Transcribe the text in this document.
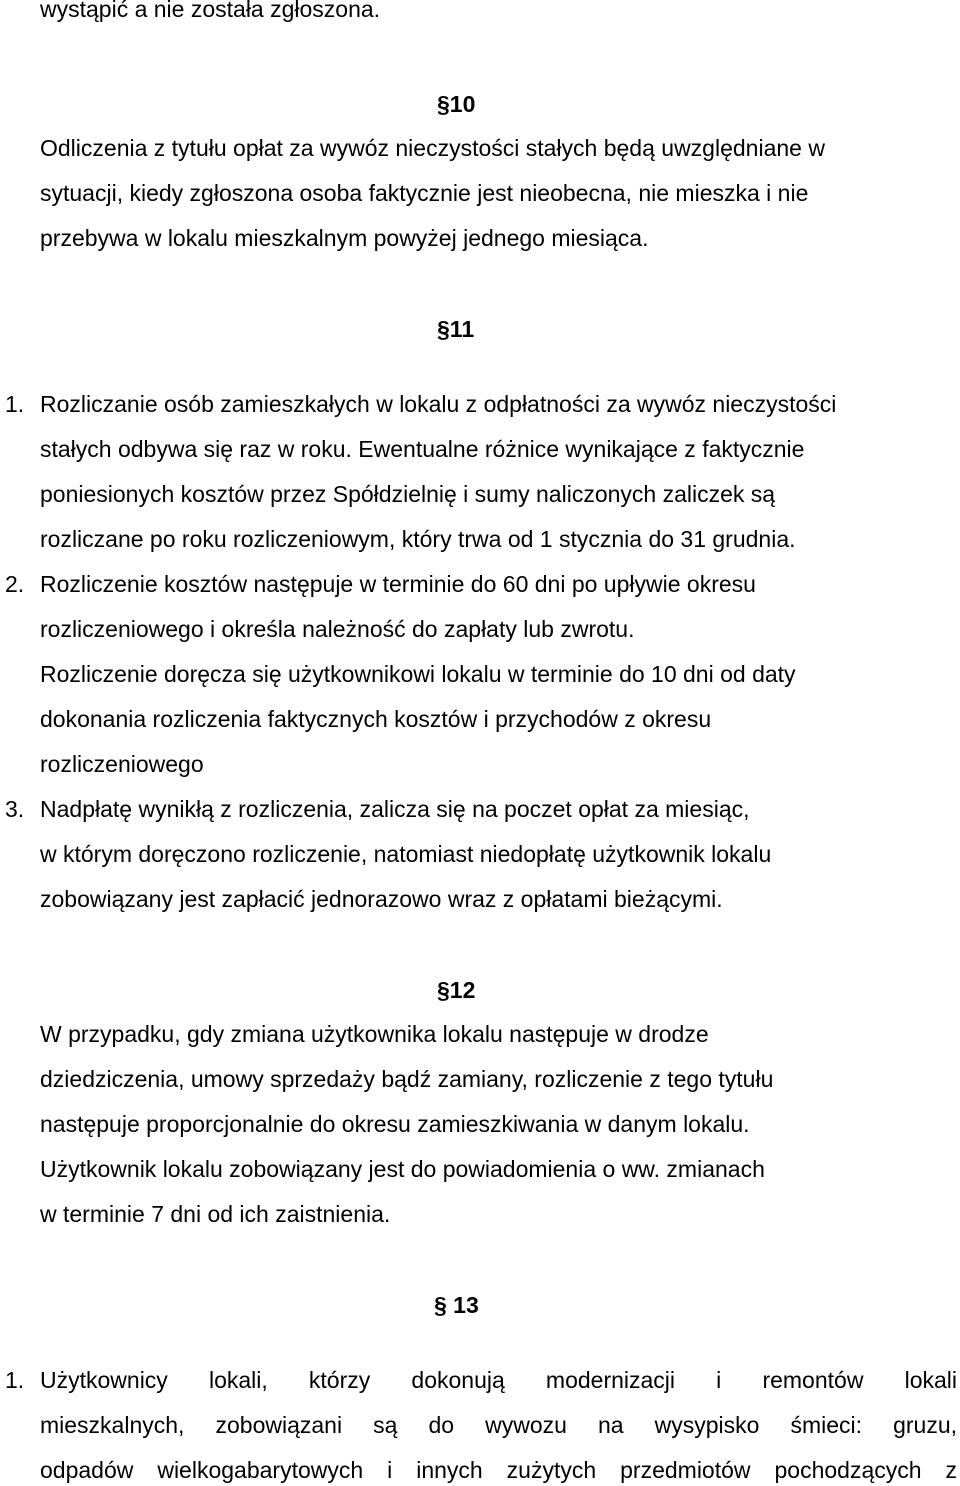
wystąpić a nie została zgłoszona.
§10
Odliczenia z tytułu opłat za wywóz nieczystości stałych będą uwzględniane w
sytuacji, kiedy zgłoszona osoba faktycznie jest nieobecna, nie mieszka i nie
przebywa w lokalu mieszkalnym powyżej jednego miesiąca.
§11
1. Rozliczanie osób zamieszkałych w lokalu z odpłatności za wywóz nieczystości
stałych odbywa się raz w roku. Ewentualne różnice wynikające z faktycznie
poniesionych kosztów przez Spółdzielnię i sumy naliczonych zaliczek są
rozliczane po roku rozliczeniowym, który trwa od 1 stycznia do 31 grudnia.
2. Rozliczenie kosztów następuje w terminie do 60 dni po upływie okresu
rozliczeniowego i określa należność do zapłaty lub zwrotu.
Rozliczenie doręcza się użytkownikowi lokalu w terminie do 10 dni od daty
dokonania rozliczenia faktycznych kosztów i przychodów z okresu
rozliczeniowego
3. Nadpłatę wynikłą z rozliczenia, zalicza się na poczet opłat za miesiąc,
w którym doręczono rozliczenie, natomiast niedopłatę użytkownik lokalu
zobowiązany jest zapłacić jednorazowo wraz z opłatami bieżącymi.
§12
W przypadku, gdy zmiana użytkownika lokalu następuje w drodze
dziedziczenia, umowy sprzedaży bądź zamiany, rozliczenie z tego tytułu
następuje proporcjonalnie do okresu zamieszkiwania w danym lokalu.
Użytkownik lokalu zobowiązany jest do powiadomienia o ww. zmianach
w terminie 7 dni od ich zaistnienia.
§ 13
1. Użytkownicy lokali, którzy dokonują modernizacji i remontów lokali
mieszkalnych, zobowiązani są do wywozu na wysypisko śmieci: gruzu,
odpadów wielkogabarytowych i innych zużytych przedmiotów pochodzących z
